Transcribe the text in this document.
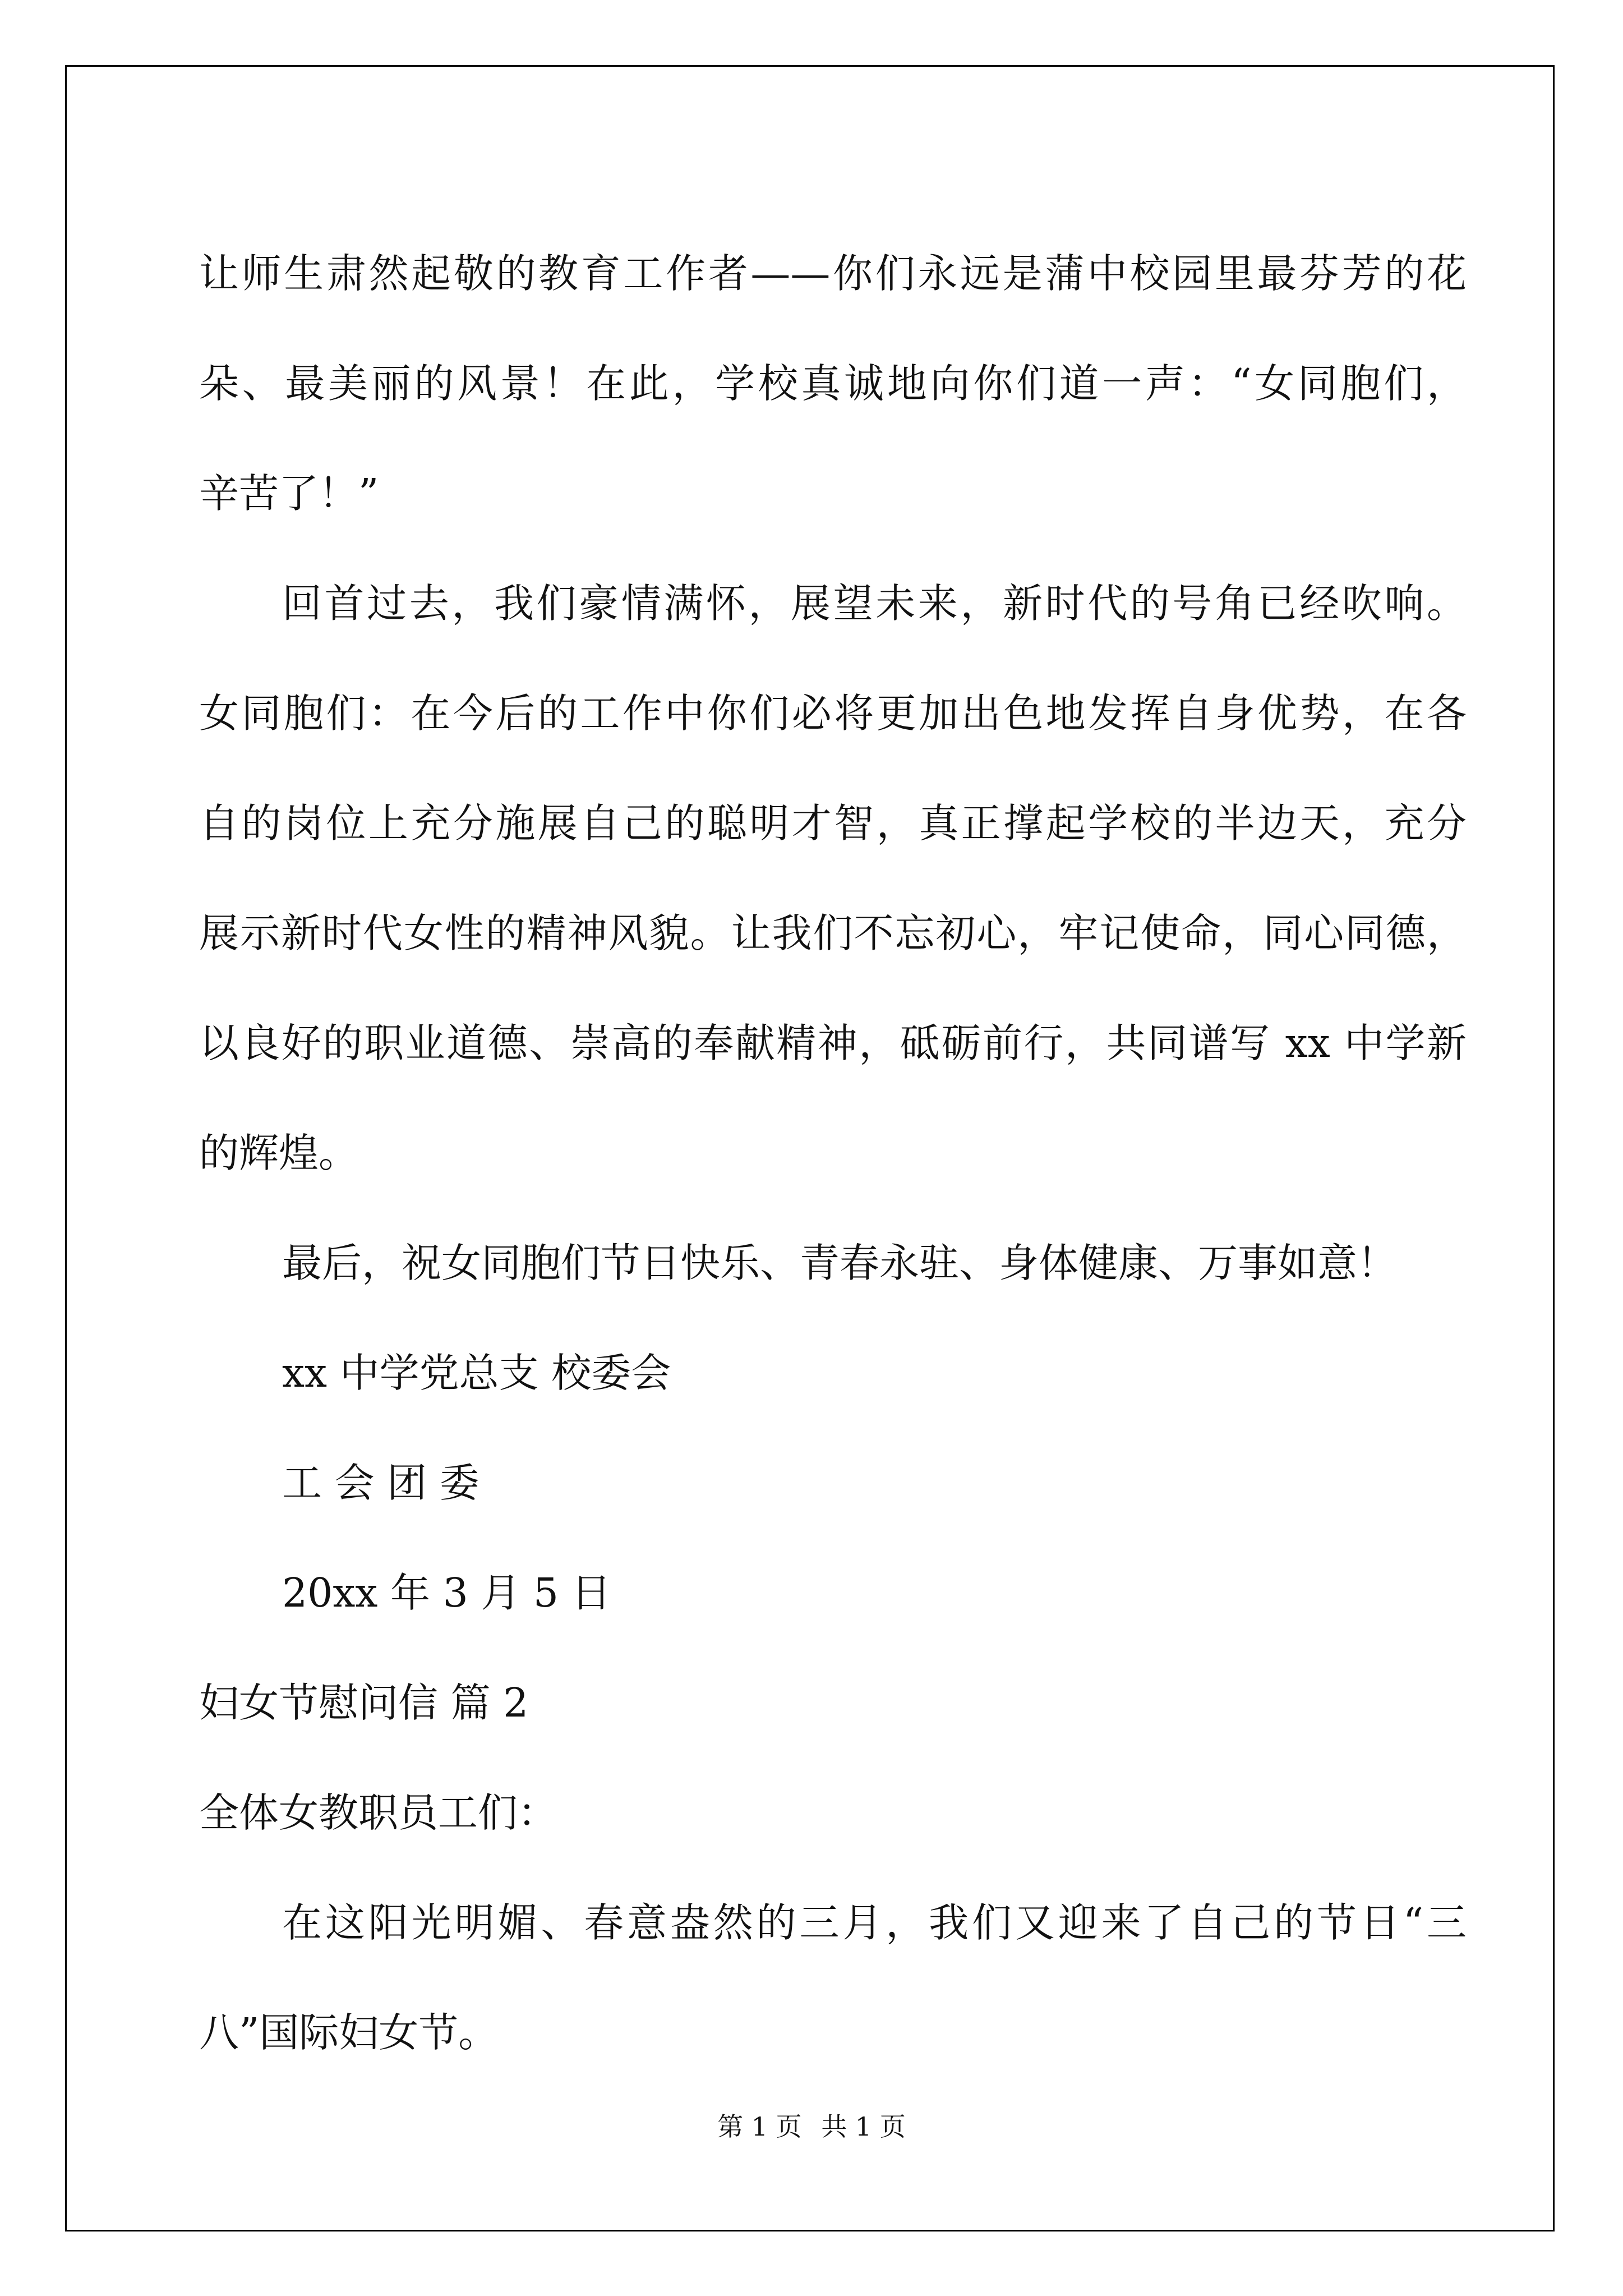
让师生肃然起敬的教育工作者——你们永远是蒲中校园里最芬芳的花
朵、最美丽的风景！在此，学校真诚地向你们道一声：“女同胞们，
辛苦了！”
回首过去，我们豪情满怀，展望未来，新时代的号角已经吹响。
女同胞们：在今后的工作中你们必将更加出色地发挥自身优势，在各
自的岗位上充分施展自己的聪明才智，真正撑起学校的半边天，充分
展示新时代女性的精神风貌。让我们不忘初心，牢记使命，同心同德，
以良好的职业道德、崇高的奉献精神，砥砺前行，共同谱写 xx 中学新
的辉煌。
最后，祝女同胞们节日快乐、青春永驻、身体健康、万事如意！
xx 中学党总支 校委会
工 会 团 委
20xx 年 3 月 5 日
妇女节慰问信 篇 2
全体女教职员工们：
在这阳光明媚、春意盎然的三月，我们又迎来了自己的节日“三
八”国际妇女节。
第 1 页 共 1 页
